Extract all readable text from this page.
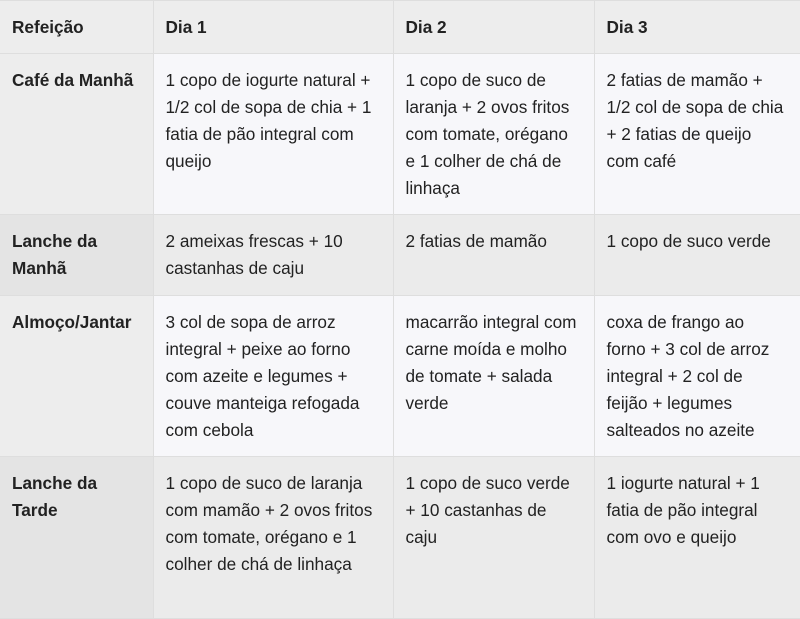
Refeição	Dia 1	Dia 2	Dia 3
Café da Manhã	1 copo de iogurte natural + 1/2 col de sopa de chia + 1 fatia de pão integral com queijo	1 copo de suco de laranja + 2 ovos fritos com tomate, orégano e 1 colher de chá de linhaça	2 fatias de mamão + 1/2 col de sopa de chia + 2 fatias de queijo com café
Lanche da Manhã	2 ameixas frescas + 10 castanhas de caju	2 fatias de mamão	1 copo de suco verde
Almoço/Jantar	3 col de sopa de arroz integral + peixe ao forno com azeite e legumes + couve manteiga refogada com cebola	macarrão integral com carne moída e molho de tomate + salada verde	coxa de frango ao forno + 3 col de arroz integral + 2 col de feijão + legumes salteados no azeite
Lanche da Tarde	1 copo de suco de laranja com mamão + 2 ovos fritos com tomate, orégano e 1 colher de chá de linhaça	1 copo de suco verde + 10 castanhas de caju	1 iogurte natural + 1 fatia de pão integral com ovo e queijo
